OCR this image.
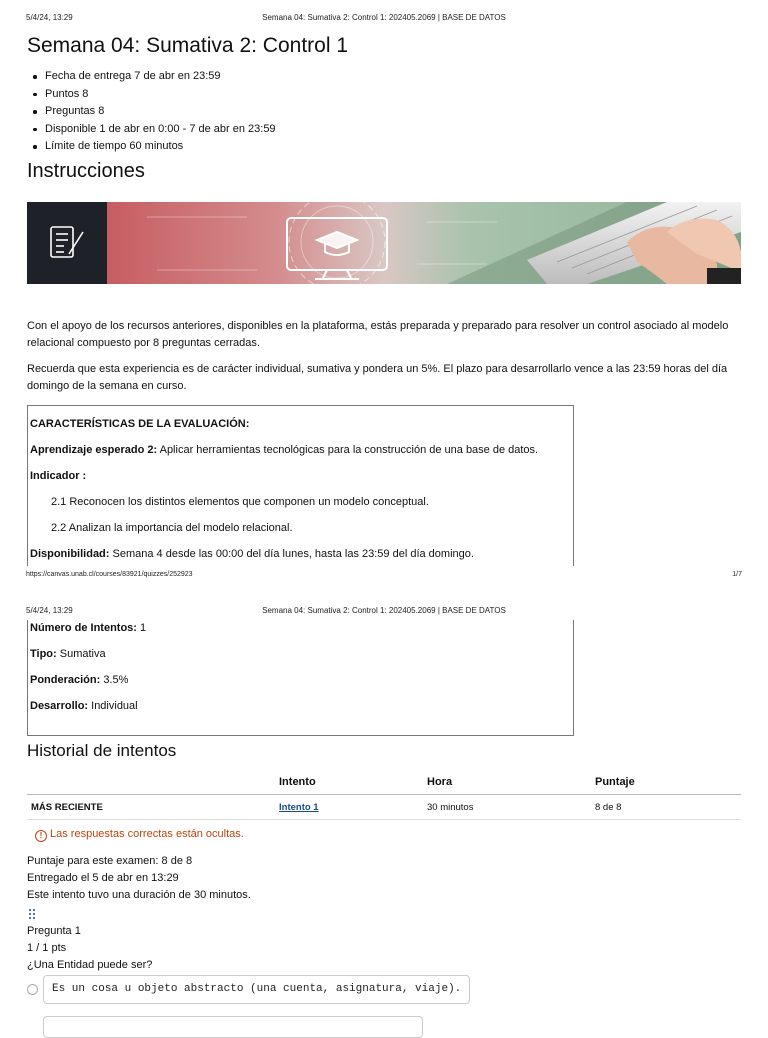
5/4/24, 13:29	Semana 04: Sumativa 2: Control 1: 202405.2069 | BASE DE DATOS
Semana 04: Sumativa 2: Control 1
Fecha de entrega 7 de abr en 23:59
Puntos 8
Preguntas 8
Disponible 1 de abr en 0:00 - 7 de abr en 23:59
Límite de tiempo 60 minutos
Instrucciones

Con el apoyo de los recursos anteriores, disponibles en la plataforma, estás preparada y preparado para resolver un control asociado al modelo relacional compuesto por 8 preguntas cerradas.

Recuerda que esta experiencia es de carácter individual, sumativa y pondera un 5%. El plazo para desarrollarlo vence a las 23:59 horas del día domingo de la semana en curso.

CARACTERÍSTICAS DE LA EVALUACIÓN:
Aprendizaje esperado 2: Aplicar herramientas tecnológicas para la construcción de una base de datos.
Indicador :
2.1 Reconocen los distintos elementos que componen un modelo conceptual.
2.2 Analizan la importancia del modelo relacional.
Disponibilidad: Semana 4 desde las 00:00 del día lunes, hasta las 23:59 del día domingo.
https://canvas.unab.cl/courses/83921/quizzes/252923	1/7
5/4/24, 13:29	Semana 04: Sumativa 2: Control 1: 202405.2069 | BASE DE DATOS
Número de Intentos: 1
Tipo: Sumativa
Ponderación: 3.5%
Desarrollo: Individual
Historial de intentos
	Intento	Hora	Puntaje
MÁS RECIENTE	Intento 1	30 minutos	8 de 8
! Las respuestas correctas están ocultas.
Puntaje para este examen: 8 de 8
Entregado el 5 de abr en 13:29
Este intento tuvo una duración de 30 minutos.
Pregunta 1
1 / 1 pts
¿Una Entidad puede ser?
Es un cosa u objeto abstracto (una cuenta, asignatura, viaje).
